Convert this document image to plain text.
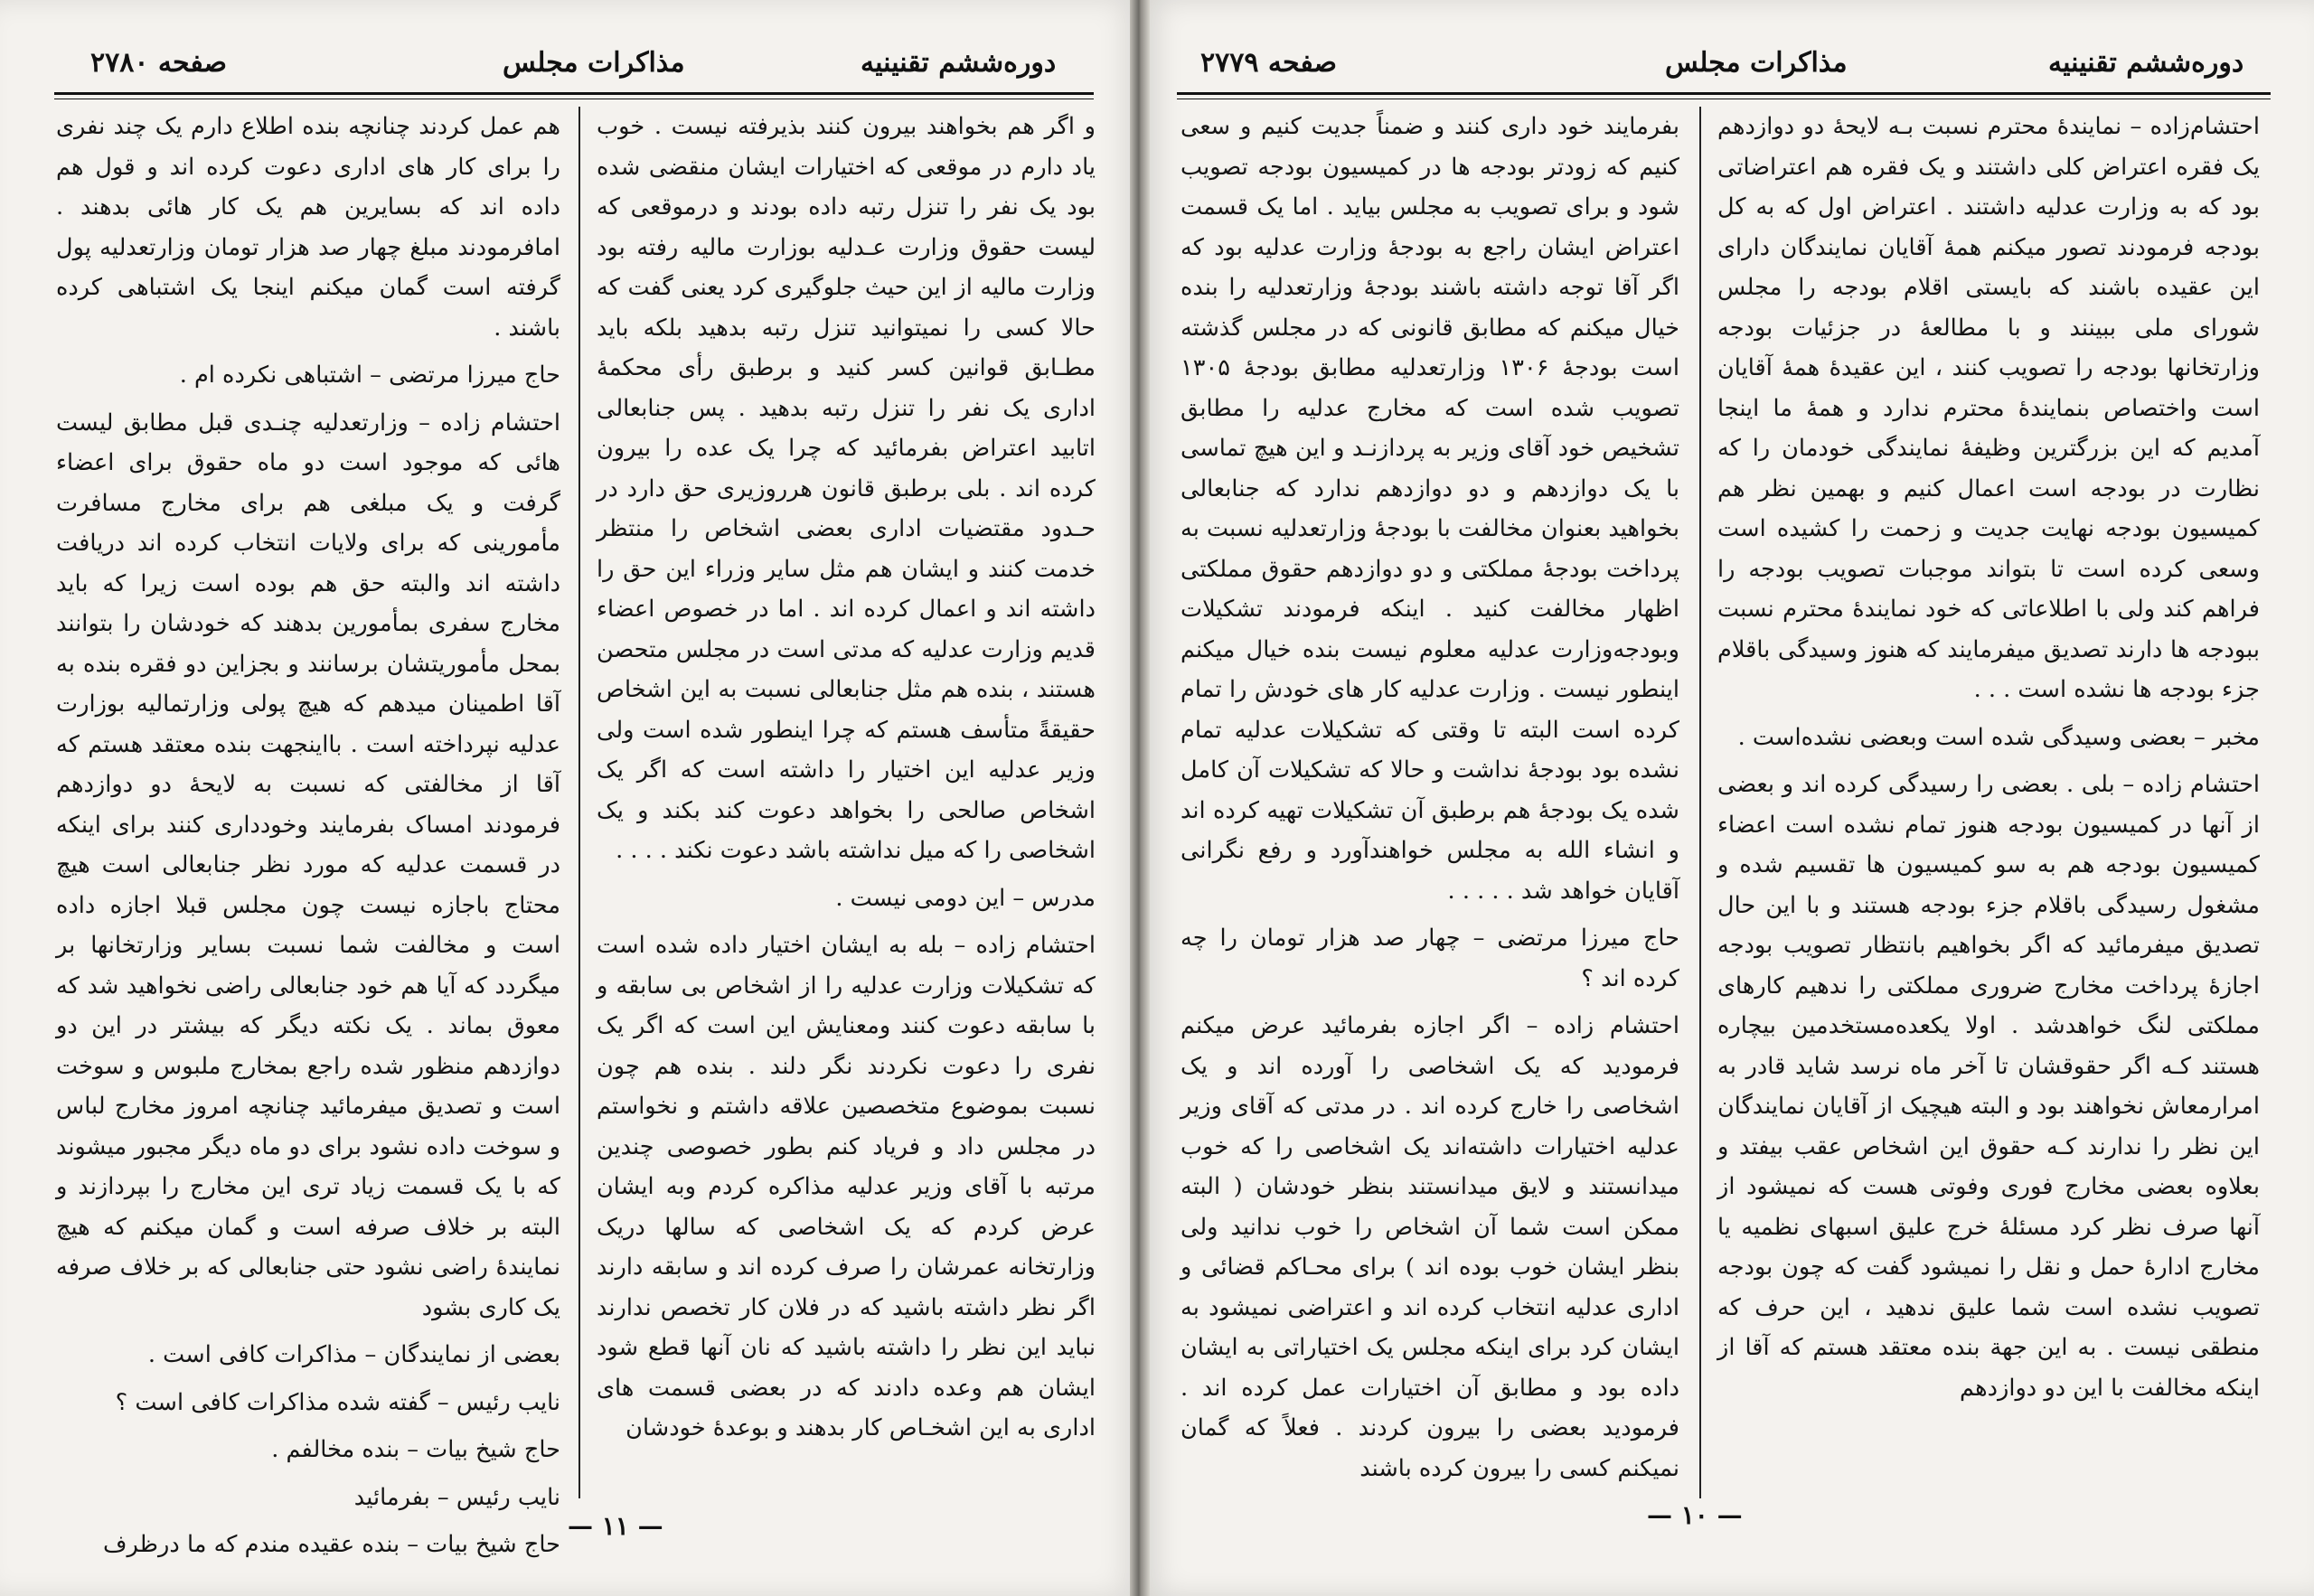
صفحه ۲۷۸۰	مذاکرات مجلس	دوره‌ششم تقنینیه

و اگر هم بخواهند بیرون کنند بذیرفته نیست . خوب یاد دارم در موقعی که اختیارات ایشان منقضی شده بود یک نفر را تنزل رتبه داده بودند و درموقعی که لیست حقوق وزارت عـدلیه بوزارت مالیه رفته بود وزارت مالیه از این حیث جلوگیری کرد یعنی گفت که حالا کسی را نمیتوانید تنزل رتبه بدهید بلکه باید مطـابق قوانین کسر کنید و برطبق رأی محکمهٔ اداری یک نفر را تنزل رتبه بدهید . پس جنابعالی اتابید اعتراض بفرمائید که چرا یک عده را بیرون کرده اند . بلی برطبق قانون هرروزیری حق دارد در حـدود مقتضیات اداری بعضی اشخاص را منتظر خدمت کنند و ایشان هم مثل سایر وزراء این حق را داشته اند و اعمال کرده اند . اما در خصوص اعضاء قدیم وزارت عدلیه که مدتی است در مجلس متحصن هستند ، بنده هم مثل جنابعالی نسبت به این اشخاص حقیقةً متأسف هستم که چرا اینطور شده است ولی وزیر عدلیه این اختیار را داشته است که اگر یک اشخاص صالحی را بخواهد دعوت کند بکند و یک اشخاصی را که میل نداشته باشد دعوت نکند . . . .

مدرس – این دومی نیست .

احتشام زاده – بله به ایشان اختیار داده شده است که تشکیلات وزارت عدلیه را از اشخاص بی سابقه و با سابقه دعوت کنند ومعنایش این است که اگر یک نفری را دعوت نکردند نگر دلند . بنده هم چون نسبت بموضوع متخصصین علاقه داشتم و نخواستم در مجلس داد و فریاد کنم بطور خصوصی چندین مرتبه با آقای وزیر عدلیه مذاکره کردم وبه ایشان عرض کردم که یک اشخاصی که سالها دریک وزارتخانه عمرشان را صرف کرده اند و سابقه دارند اگر نظر داشته باشید که در فلان کار تخصص ندارند نباید این نظر را داشته باشید که نان آنها قطع شود ایشان هم وعده دادند که در بعضی قسمت های اداری به این اشخـاص کار بدهند و بوعدهٔ خودشان

هم عمل کردند چنانچه بنده اطلاع دارم یک چند نفری را برای کار های اداری دعوت کرده اند و قول هم داده اند که بسایرین هم یک کار هائی بدهند . امافرمودند مبلغ چهار صد هزار تومان وزارتعدلیه پول گرفته است گمان میکنم اینجا یک اشتباهی کرده باشند .

حاج میرزا مرتضی – اشتباهی نکرده ام .

احتشام زاده – وزارتعدلیه چنـدی قبل مطابق لیست هائی که موجود است دو ماه حقوق برای اعضاء گرفت و یک مبلغی هم برای مخارج مسافرت مأمورینی که برای ولایات انتخاب کرده اند دریافت داشته اند والبته حق هم بوده است زیرا که باید مخارج سفری بمأمورین بدهند که خودشان را بتوانند بمحل مأموریتشان برسانند و بجزاین دو فقره بنده به آقا اطمینان میدهم که هیچ پولی وزارتمالیه بوزارت عدلیه نپرداخته است . بااینجهت بنده معتقد هستم که آقا از مخالفتی که نسبت به لایحهٔ دو دوازدهم فرمودند امساک بفرمایند وخودداری کنند برای اینکه در قسمت عدلیه که مورد نظر جنابعالی است هیچ محتاج باجازه نیست چون مجلس قبلا اجازه داده است و مخالفت شما نسبت بسایر وزارتخانها بر میگردد که آیا هم خود جنابعالی راضی نخواهید شد که معوق بماند . یک نکته دیگر که بیشتر در این دو دوازدهم منظور شده راجع بمخارج ملبوس و سوخت است و تصدیق میفرمائید چنانچه امروز مخارج لباس و سوخت داده نشود برای دو ماه دیگر مجبور میشوند که با یک قسمت زیاد تری این مخارج را بپردازند و البته بر خلاف صرفه است و گمان میکنم که هیچ نمایندهٔ راضی نشود حتی جنابعالی که بر خلاف صرفه یک کاری بشود

بعضی از نمایندگان – مذاکرات کافی است .

نایب رئیس – گفته شده مذاکرات کافی است ؟

حاج شیخ بیات – بنده مخالفم .

نایب رئیس – بفرمائید

حاج شیخ بیات – بنده عقیده مندم که ما درظرف

— ۱۱ —
صفحه ۲۷۷۹	مذاکرات مجلس	دوره‌ششم تقنینیه

احتشام‌زاده – نمایندهٔ محترم نسبت بـه لایحهٔ دو دوازدهم یک فقره اعتراض کلی داشتند و یک فقره هم اعتراضاتی بود که به وزارت عدلیه داشتند . اعتراض اول که به کل بودجه فرمودند تصور میکنم همهٔ آقایان نمایندگان دارای این عقیده باشند که بایستی اقلام بودجه را مجلس شورای ملی ببینند و با مطالعهٔ در جزئیات بودجه وزارتخانها بودجه را تصویب کنند ، این عقیدهٔ همهٔ آقایان است واختصاص بنمایندهٔ محترم ندارد و همهٔ ما اینجا آمدیم که این بزرگترین وظیفهٔ نمایندگی خودمان را که نظارت در بودجه است اعمال کنیم و بهمین نظر هم کمیسیون بودجه نهایت جدیت و زحمت را کشیده است وسعی کرده است تا بتواند موجبات تصویب بودجه را فراهم کند ولی با اطلاعاتی که خود نمایندهٔ محترم نسبت ببودجه ها دارند تصدیق میفرمایند که هنوز وسیدگی باقلام جزء بودجه ها نشده است . . .

مخبر – بعضی وسیدگی شده است وبعضی نشده‌است .

احتشام زاده – بلی . بعضی را رسیدگی کرده اند و بعضی از آنها در کمیسیون بودجه هنوز تمام نشده است اعضاء کمیسیون بودجه هم به سو کمیسیون ها تقسیم شده و مشغول رسیدگی باقلام جزء بودجه هستند و با این حال تصدیق میفرمائید که اگر بخواهیم بانتظار تصویب بودجه اجازهٔ پرداخت مخارج ضروری مملکتی را ندهیم کارهای مملکتی لنگ خواهدشد . اولا یکعده‌مستخدمین بیچاره هستند کـه اگر حقوقشان تا آخر ماه نرسد شاید قادر به امرارمعاش نخواهند بود و البته هیچیک از آقایان نمایندگان این نظر را ندارند کـه حقوق این اشخاص عقب بیفتد و بعلاوه بعضی مخارج فوری وفوتی هست که نمیشود از آنها صرف نظر کرد مسئلهٔ خرج علیق اسبهای نظمیه یا مخارج ادارهٔ حمل و نقل را نمیشود گفت که چون بودجه تصویب نشده است شما علیق ندهید ، این حرف که منطقی نیست . به این جهة بنده معتقد هستم که آقا از اینکه مخالفت با این دو دوازدهم

بفرمایند خود داری کنند و ضمناً جدیت کنیم و سعی کنیم که زودتر بودجه ها در کمیسیون بودجه تصویب شود و برای تصویب به مجلس بیاید . اما یک قسمت اعتراض ایشان راجع به بودجهٔ وزارت عدلیه بود که اگر آقا توجه داشته باشند بودجهٔ وزارتعدلیه را بنده خیال میکنم که مطابق قانونی که در مجلس گذشته است بودجهٔ ۱۳۰۶ وزارتعدلیه مطابق بودجهٔ ۱۳۰۵ تصویب شده است که مخارج عدلیه را مطابق تشخیص خود آقای وزیر به پردازنـد و این هیچ تماسی با یک دوازدهم و دو دوازدهم ندارد که جنابعالی بخواهید بعنوان مخالفت با بودجهٔ وزارتعدلیه نسبت به پرداخت بودجهٔ مملکتی و دو دوازدهم حقوق مملکتی اظهار مخالفت کنید . اینکه فرمودند تشکیلات وبودجه‌وزارت عدلیه معلوم نیست بنده خیال میکنم اینطور نیست . وزارت عدلیه کار های خودش را تمام کرده است البته تا وقتی که تشکیلات عدلیه تمام نشده بود بودجهٔ نداشت و حالا که تشکیلات آن کامل شده یک بودجهٔ هم برطبق آن تشکیلات تهیه کرده اند و انشاء الله به مجلس خواهندآورد و رفع نگرانی آقایان خواهد شد . . . . .

حاج میرزا مرتضی – چهار صد هزار تومان را چه کرده اند ؟

احتشام زاده – اگر اجازه بفرمائید عرض میکنم فرمودید که یک اشخاصی را آورده اند و یک اشخاصی را خارج کرده اند . در مدتی که آقای وزیر عدلیه اختیارات داشته‌اند یک اشخاصی را که خوب میدانستند و لایق میدانستند بنظر خودشان ( البته ممکن است شما آن اشخاص را خوب ندانید ولی بنظر ایشان خوب بوده اند ) برای محـاکم قضائی و اداری عدلیه انتخاب کرده اند و اعتراضی نمیشود به ایشان کرد برای اینکه مجلس یک اختیاراتی به ایشان داده بود و مطابق آن اختیارات عمل کرده اند . فرمودید بعضی را بیرون کردند . فعلاً که گمان نمیکنم کسی را بیرون کرده باشند

— ۱۰ —
